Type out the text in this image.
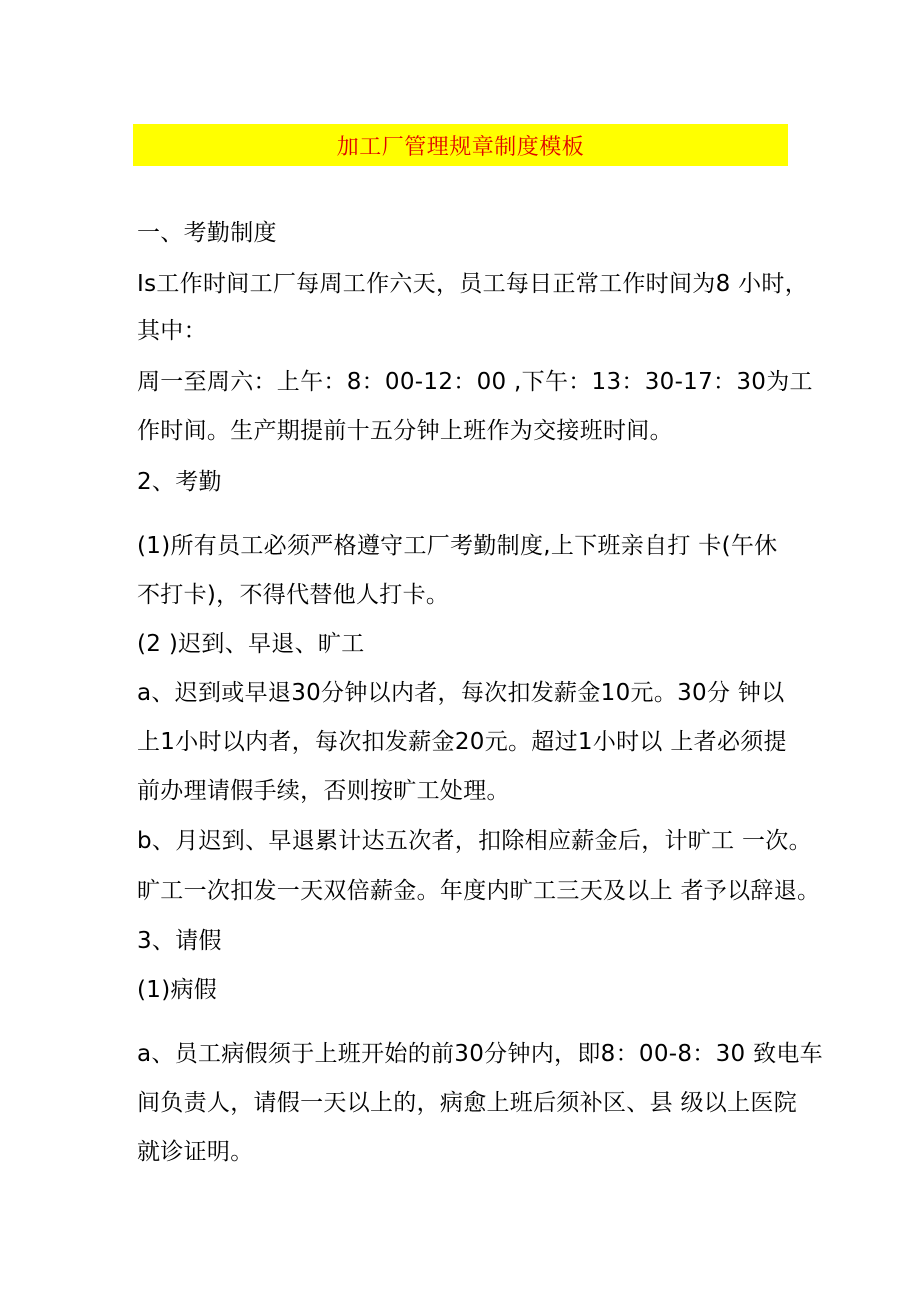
加工厂管理规章制度模板
一、考勤制度
Is工作时间工厂每周工作六天，员工每日正常工作时间为8 小时，
其中：
周一至周六：上午：8：00-12：00 ,下午：13：30-17：30为工
作时间。生产期提前十五分钟上班作为交接班时间。
2、考勤
(1)所有员工必须严格遵守工厂考勤制度,上下班亲自打 卡(午休
不打卡)，不得代替他人打卡。
(2 )迟到、早退、旷工
a、迟到或早退30分钟以内者，每次扣发薪金10元。30分 钟以
上1小时以内者，每次扣发薪金20元。超过1小时以 上者必须提
前办理请假手续，否则按旷工处理。
b、月迟到、早退累计达五次者，扣除相应薪金后，计旷工 一次。
旷工一次扣发一天双倍薪金。年度内旷工三天及以上 者予以辞退。
3、请假
(1)病假
a、员工病假须于上班开始的前30分钟内，即8：00-8：30 致电车
间负责人，请假一天以上的，病愈上班后须补区、县 级以上医院
就诊证明。
